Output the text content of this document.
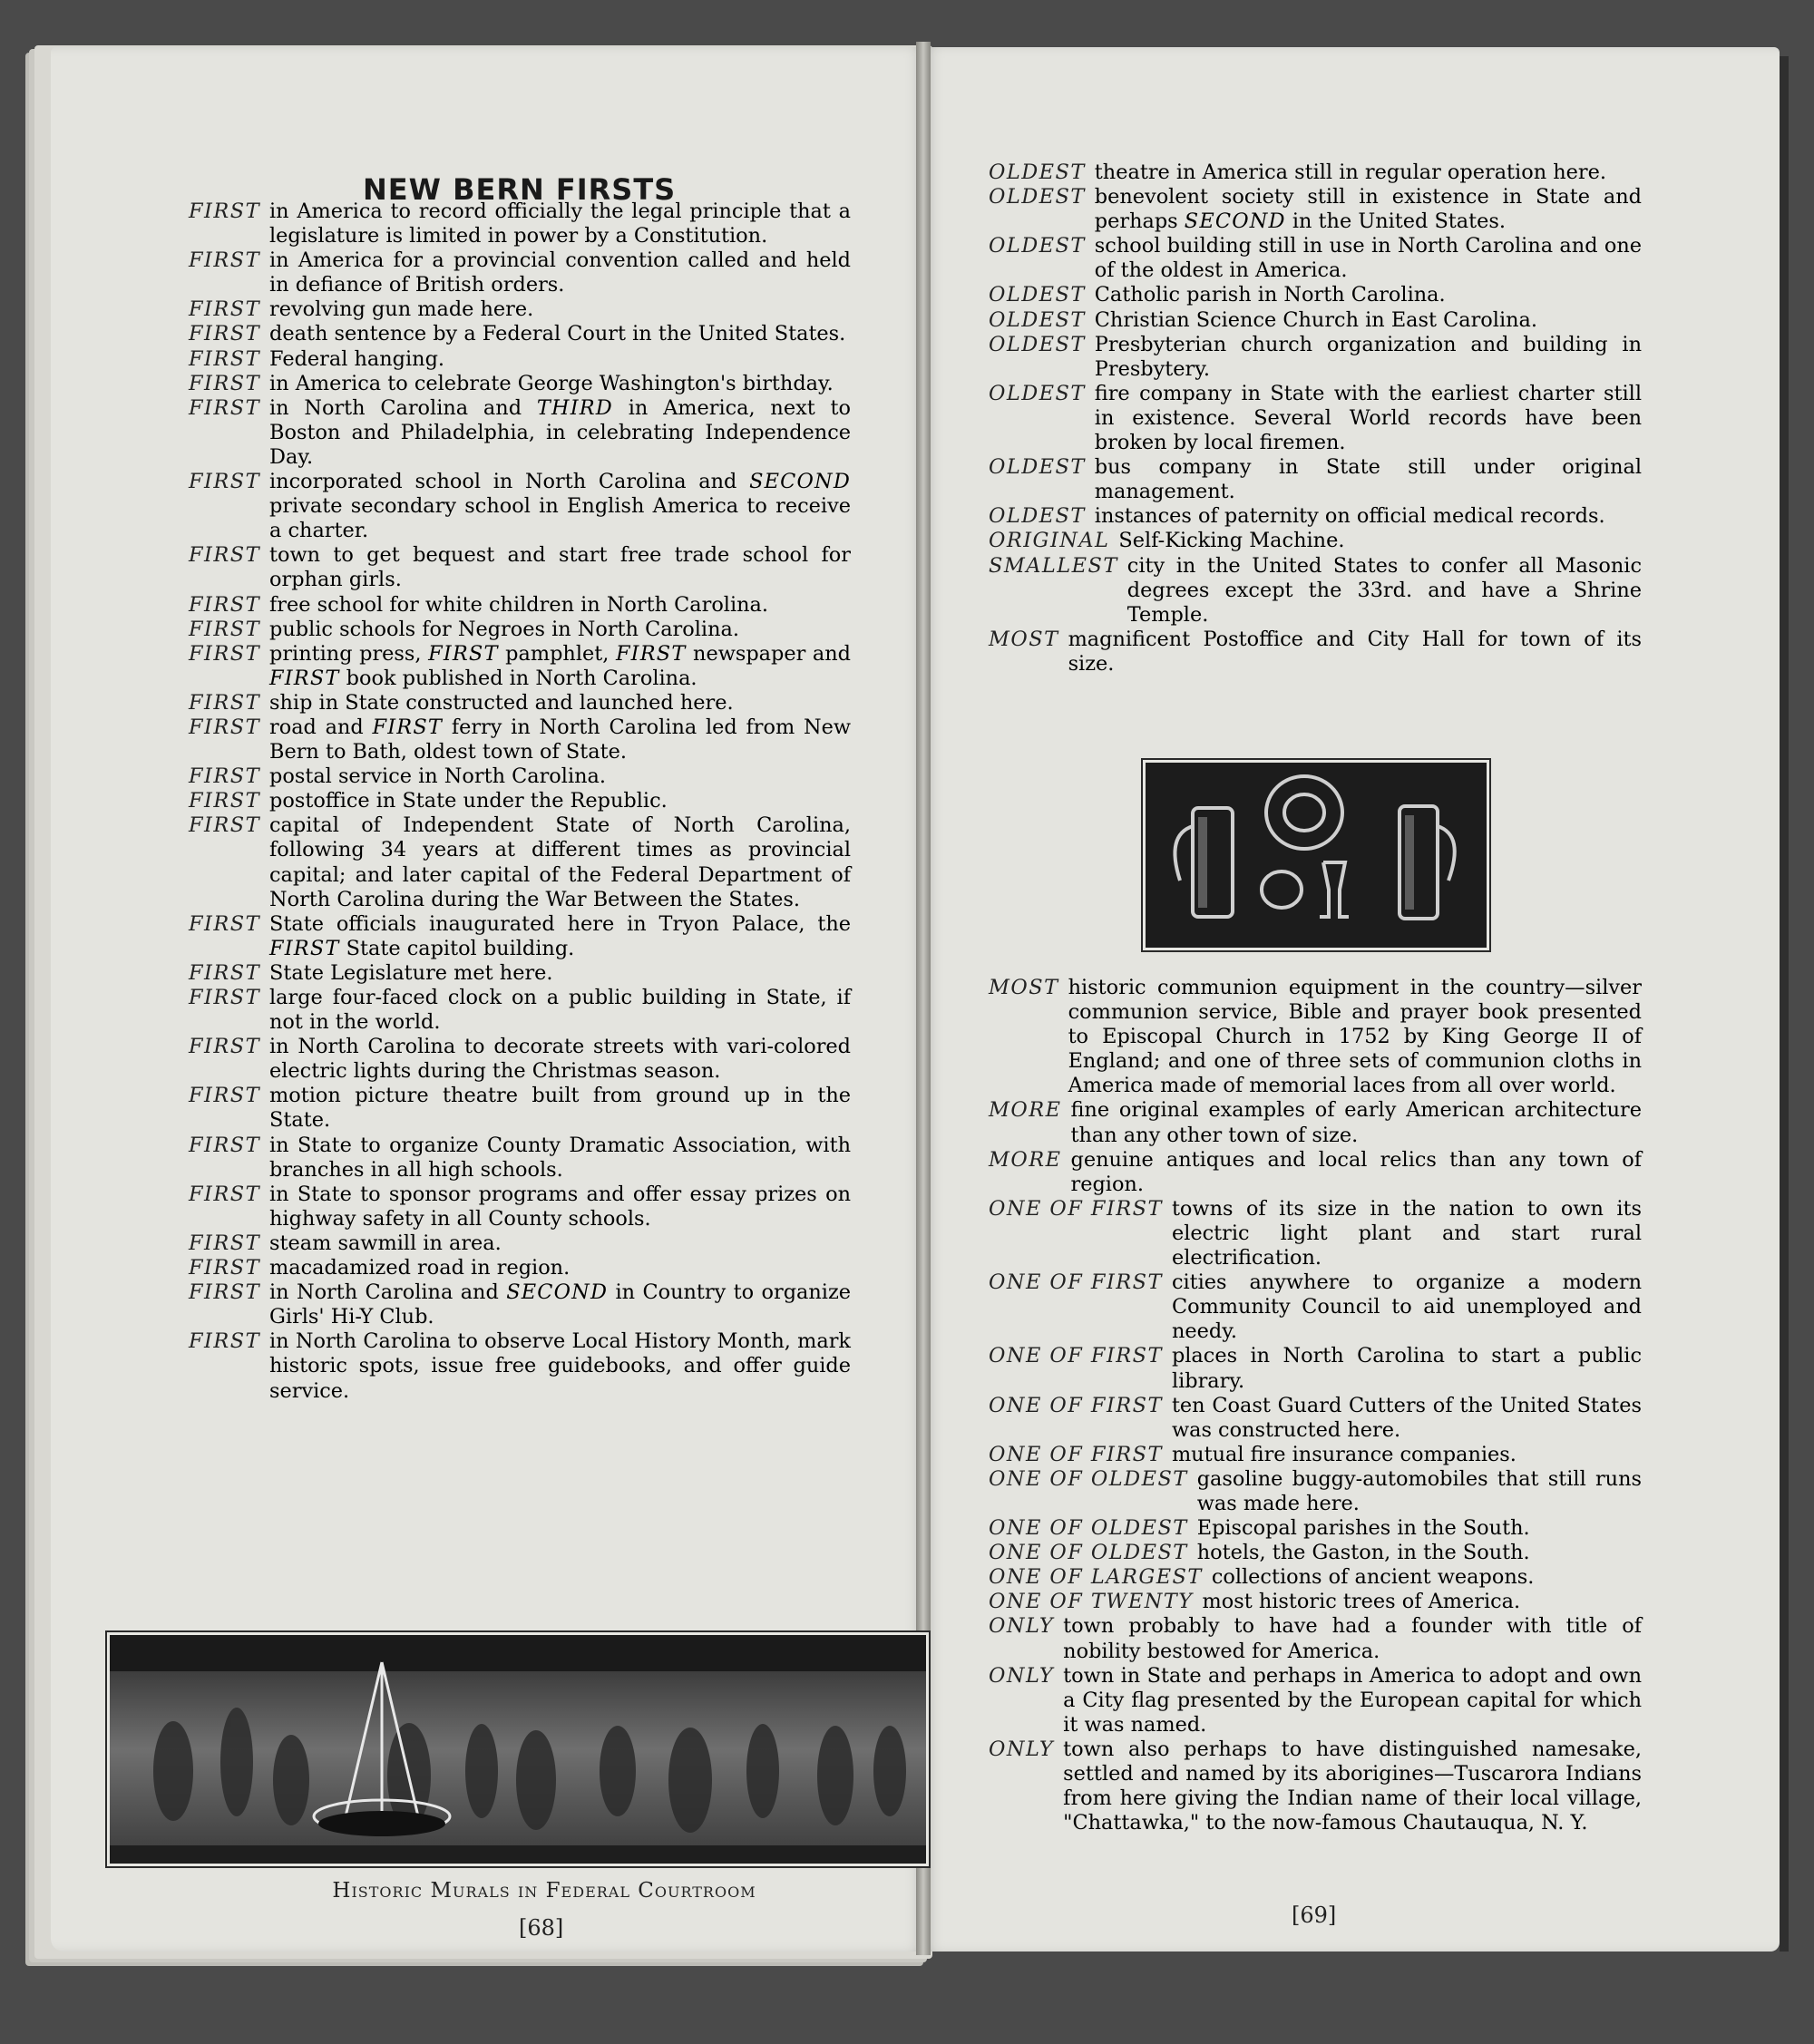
NEW BERN FIRSTS
FIRST in America to record officially the legal principle that a legislature is limited in power by a Constitution.
FIRST in America for a provincial convention called and held in defiance of British orders.
FIRST revolving gun made here.
FIRST death sentence by a Federal Court in the United States.
FIRST Federal hanging.
FIRST in America to celebrate George Washington's birthday.
FIRST in North Carolina and THIRD in America, next to Boston and Philadelphia, in celebrating Independence Day.
FIRST incorporated school in North Carolina and SECOND private secondary school in English America to receive a charter.
FIRST town to get bequest and start free trade school for orphan girls.
FIRST free school for white children in North Carolina.
FIRST public schools for Negroes in North Carolina.
FIRST printing press, FIRST pamphlet, FIRST newspaper and FIRST book published in North Carolina.
FIRST ship in State constructed and launched here.
FIRST road and FIRST ferry in North Carolina led from New Bern to Bath, oldest town of State.
FIRST postal service in North Carolina.
FIRST postoffice in State under the Republic.
FIRST capital of Independent State of North Carolina, following 34 years at different times as provincial capital; and later capital of the Federal Department of North Carolina during the War Between the States.
FIRST State officials inaugurated here in Tryon Palace, the FIRST State capitol building.
FIRST State Legislature met here.
FIRST large four-faced clock on a public building in State, if not in the world.
FIRST in North Carolina to decorate streets with vari-colored electric lights during the Christmas season.
FIRST motion picture theatre built from ground up in the State.
FIRST in State to organize County Dramatic Association, with branches in all high schools.
FIRST in State to sponsor programs and offer essay prizes on highway safety in all County schools.
FIRST steam sawmill in area.
FIRST macadamized road in region.
FIRST in North Carolina and SECOND in Country to organize Girls' Hi-Y Club.
FIRST in North Carolina to observe Local History Month, mark historic spots, issue free guidebooks, and offer guide service.
OLDEST theatre in America still in regular operation here.
OLDEST benevolent society still in existence in State and perhaps SECOND in the United States.
OLDEST school building still in use in North Carolina and one of the oldest in America.
OLDEST Catholic parish in North Carolina.
OLDEST Christian Science Church in East Carolina.
OLDEST Presbyterian church organization and building in Presbytery.
OLDEST fire company in State with the earliest charter still in existence. Several World records have been broken by local firemen.
OLDEST bus company in State still under original management.
OLDEST instances of paternity on official medical records.
ORIGINAL Self-Kicking Machine.
SMALLEST city in the United States to confer all Masonic degrees except the 33rd. and have a Shrine Temple.
MOST magnificent Postoffice and City Hall for town of its size.
MOST historic communion equipment in the country—silver communion service, Bible and prayer book presented to Episcopal Church in 1752 by King George II of England; and one of three sets of communion cloths in America made of memorial laces from all over world.
MORE fine original examples of early American architecture than any other town of size.
MORE genuine antiques and local relics than any town of region.
ONE OF FIRST towns of its size in the nation to own its electric light plant and start rural electrification.
ONE OF FIRST cities anywhere to organize a modern Community Council to aid unemployed and needy.
ONE OF FIRST places in North Carolina to start a public library.
ONE OF FIRST ten Coast Guard Cutters of the United States was constructed here.
ONE OF FIRST mutual fire insurance companies.
ONE OF OLDEST gasoline buggy-automobiles that still runs was made here.
ONE OF OLDEST Episcopal parishes in the South.
ONE OF OLDEST hotels, the Gaston, in the South.
ONE OF LARGEST collections of ancient weapons.
ONE OF TWENTY most historic trees of America.
ONLY town probably to have had a founder with title of nobility bestowed for America.
ONLY town in State and perhaps in America to adopt and own a City flag presented by the European capital for which it was named.
ONLY town also perhaps to have distinguished namesake, settled and named by its aborigines—Tuscarora Indians from here giving the Indian name of their local village, "Chattawka," to the now-famous Chautauqua, N. Y.
Historic Murals in Federal Courtroom
[68]	[69]
